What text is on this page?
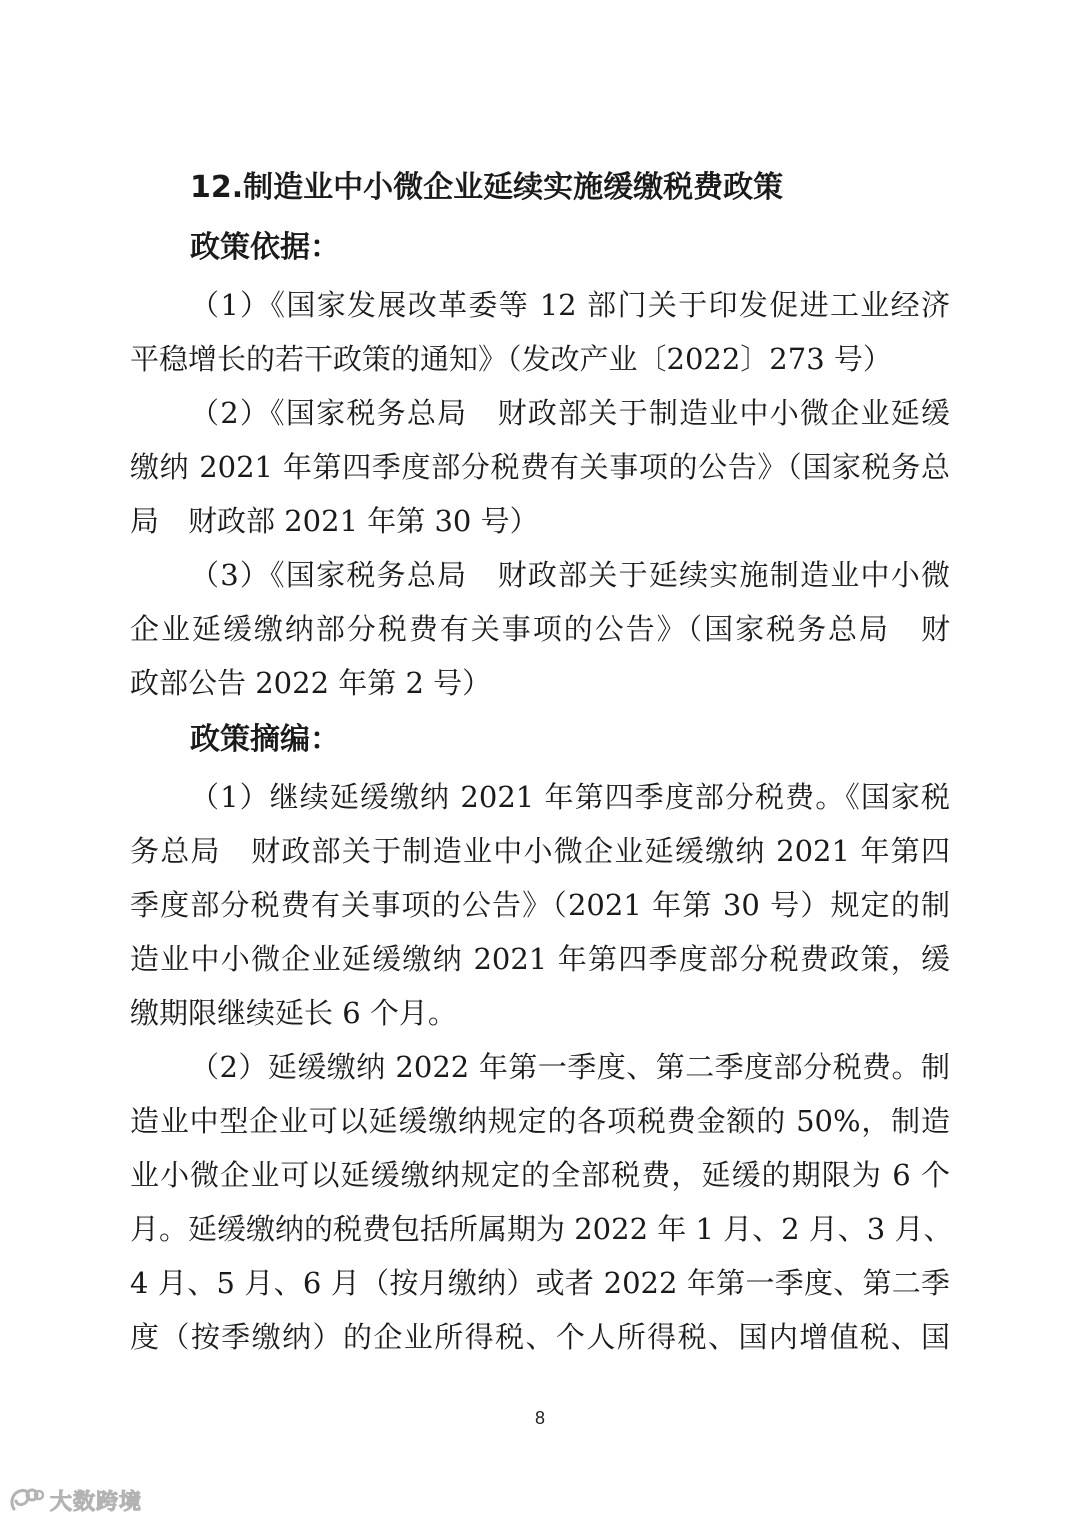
12.制造业中小微企业延续实施缓缴税费政策
政策依据：
（1）《国家发展改革委等 12 部门关于印发促进工业经济
平稳增长的若干政策的通知》（发改产业〔2022〕273 号）
（2）《国家税务总局　财政部关于制造业中小微企业延缓
缴纳 2021 年第四季度部分税费有关事项的公告》（国家税务总
局　财政部 2021 年第 30 号）
（3）《国家税务总局　财政部关于延续实施制造业中小微
企业延缓缴纳部分税费有关事项的公告》（国家税务总局　财
政部公告 2022 年第 2 号）
政策摘编：
（1）继续延缓缴纳 2021 年第四季度部分税费。《国家税
务总局　财政部关于制造业中小微企业延缓缴纳 2021 年第四
季度部分税费有关事项的公告》（2021 年第 30 号）规定的制
造业中小微企业延缓缴纳 2021 年第四季度部分税费政策，缓
缴期限继续延长 6 个月。
（2）延缓缴纳 2022 年第一季度、第二季度部分税费。制
造业中型企业可以延缓缴纳规定的各项税费金额的 50%，制造
业小微企业可以延缓缴纳规定的全部税费，延缓的期限为 6 个
月。延缓缴纳的税费包括所属期为 2022 年 1 月、2 月、3 月、
4 月、5 月、6 月（按月缴纳）或者 2022 年第一季度、第二季
度（按季缴纳）的企业所得税、个人所得税、国内增值税、国
8
大数跨境
